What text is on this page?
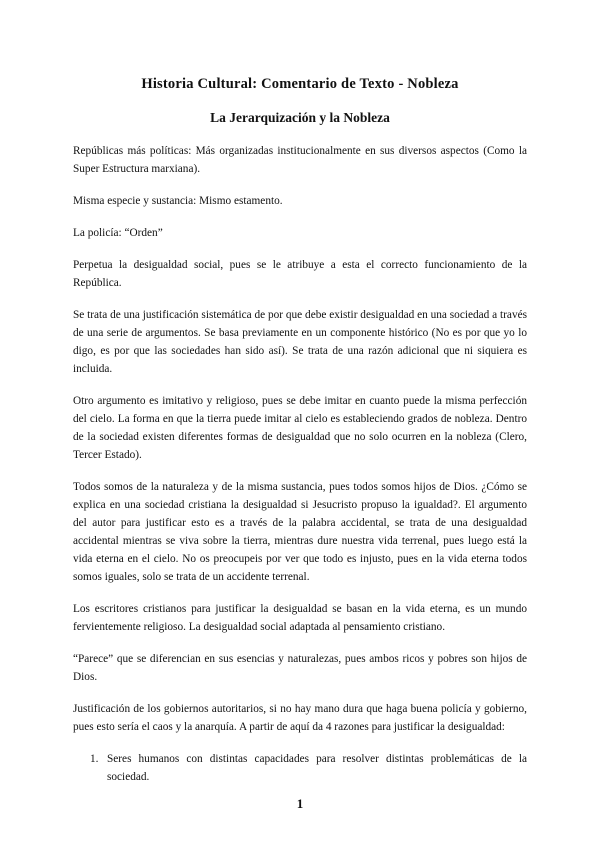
Historia Cultural: Comentario de Texto - Nobleza
La Jerarquización y la Nobleza

Repúblicas más políticas: Más organizadas institucionalmente en sus diversos aspectos (Como la Super Estructura marxiana).

Misma especie y sustancia: Mismo estamento.

La policía: “Orden”

Perpetua la desigualdad social, pues se le atribuye a esta el correcto funcionamiento de la República.

Se trata de una justificación sistemática de por que debe existir desigualdad en una sociedad a través de una serie de argumentos. Se basa previamente en un componente histórico (No es por que yo lo digo, es por que las sociedades han sido así). Se trata de una razón adicional que ni siquiera es incluida.

Otro argumento es imitativo y religioso, pues se debe imitar en cuanto puede la misma perfección del cielo. La forma en que la tierra puede imitar al cielo es estableciendo grados de nobleza. Dentro de la sociedad existen diferentes formas de desigualdad que no solo ocurren en la nobleza (Clero, Tercer Estado).

Todos somos de la naturaleza y de la misma sustancia, pues todos somos hijos de Dios. ¿Cómo se explica en una sociedad cristiana la desigualdad si Jesucristo propuso la igualdad?. El argumento del autor para justificar esto es a través de la palabra accidental, se trata de una desigualdad accidental mientras se viva sobre la tierra, mientras dure nuestra vida terrenal, pues luego está la vida eterna en el cielo. No os preocupeis por ver que todo es injusto, pues en la vida eterna todos somos iguales, solo se trata de un accidente terrenal.

Los escritores cristianos para justificar la desigualdad se basan en la vida eterna, es un mundo fervientemente religioso. La desigualdad social adaptada al pensamiento cristiano.

“Parece” que se diferencian en sus esencias y naturalezas, pues ambos ricos y pobres son hijos de Dios.

Justificación de los gobiernos autoritarios, si no hay mano dura que haga buena policía y gobierno, pues esto sería el caos y la anarquía. A partir de aquí da 4 razones para justificar la desigualdad:

1. Seres humanos con distintas capacidades para resolver distintas problemáticas de la sociedad.
1
